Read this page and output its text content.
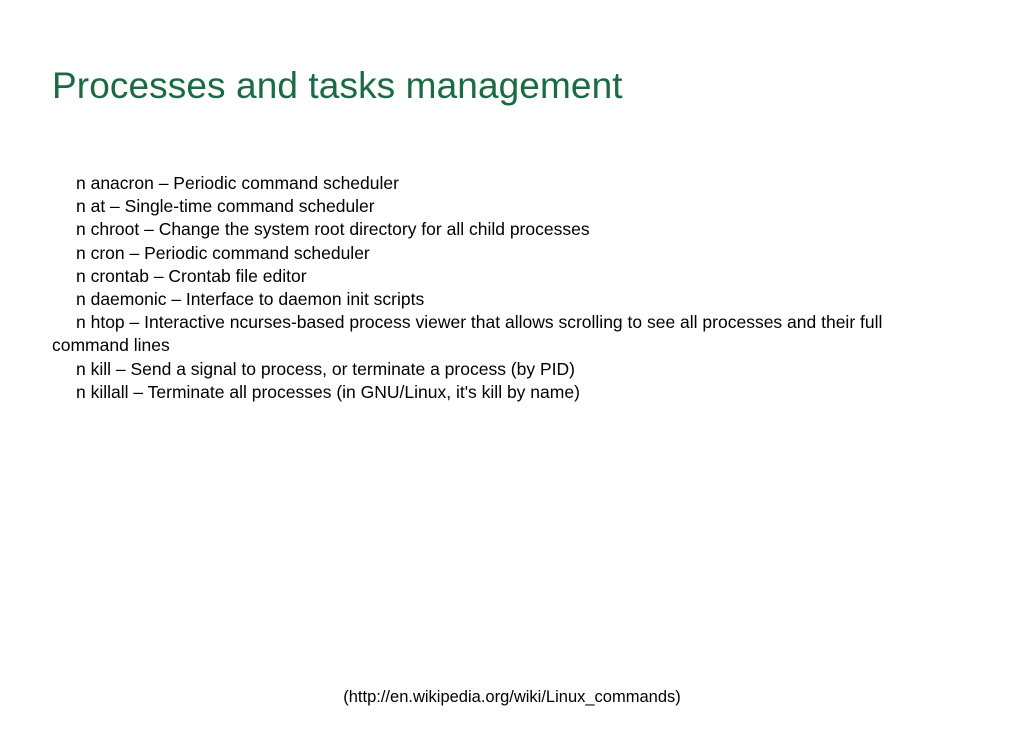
Processes and tasks management

n anacron – Periodic command scheduler

n at – Single-time command scheduler

n chroot – Change the system root directory for all child processes

n cron – Periodic command scheduler

n crontab – Crontab file editor

n daemonic – Interface to daemon init scripts

n htop – Interactive ncurses-based process viewer that allows scrolling to see all processes and their full command lines

n kill – Send a signal to process, or terminate a process (by PID)

n killall – Terminate all processes (in GNU/Linux, it's kill by name)

(http://en.wikipedia.org/wiki/Linux_commands)
